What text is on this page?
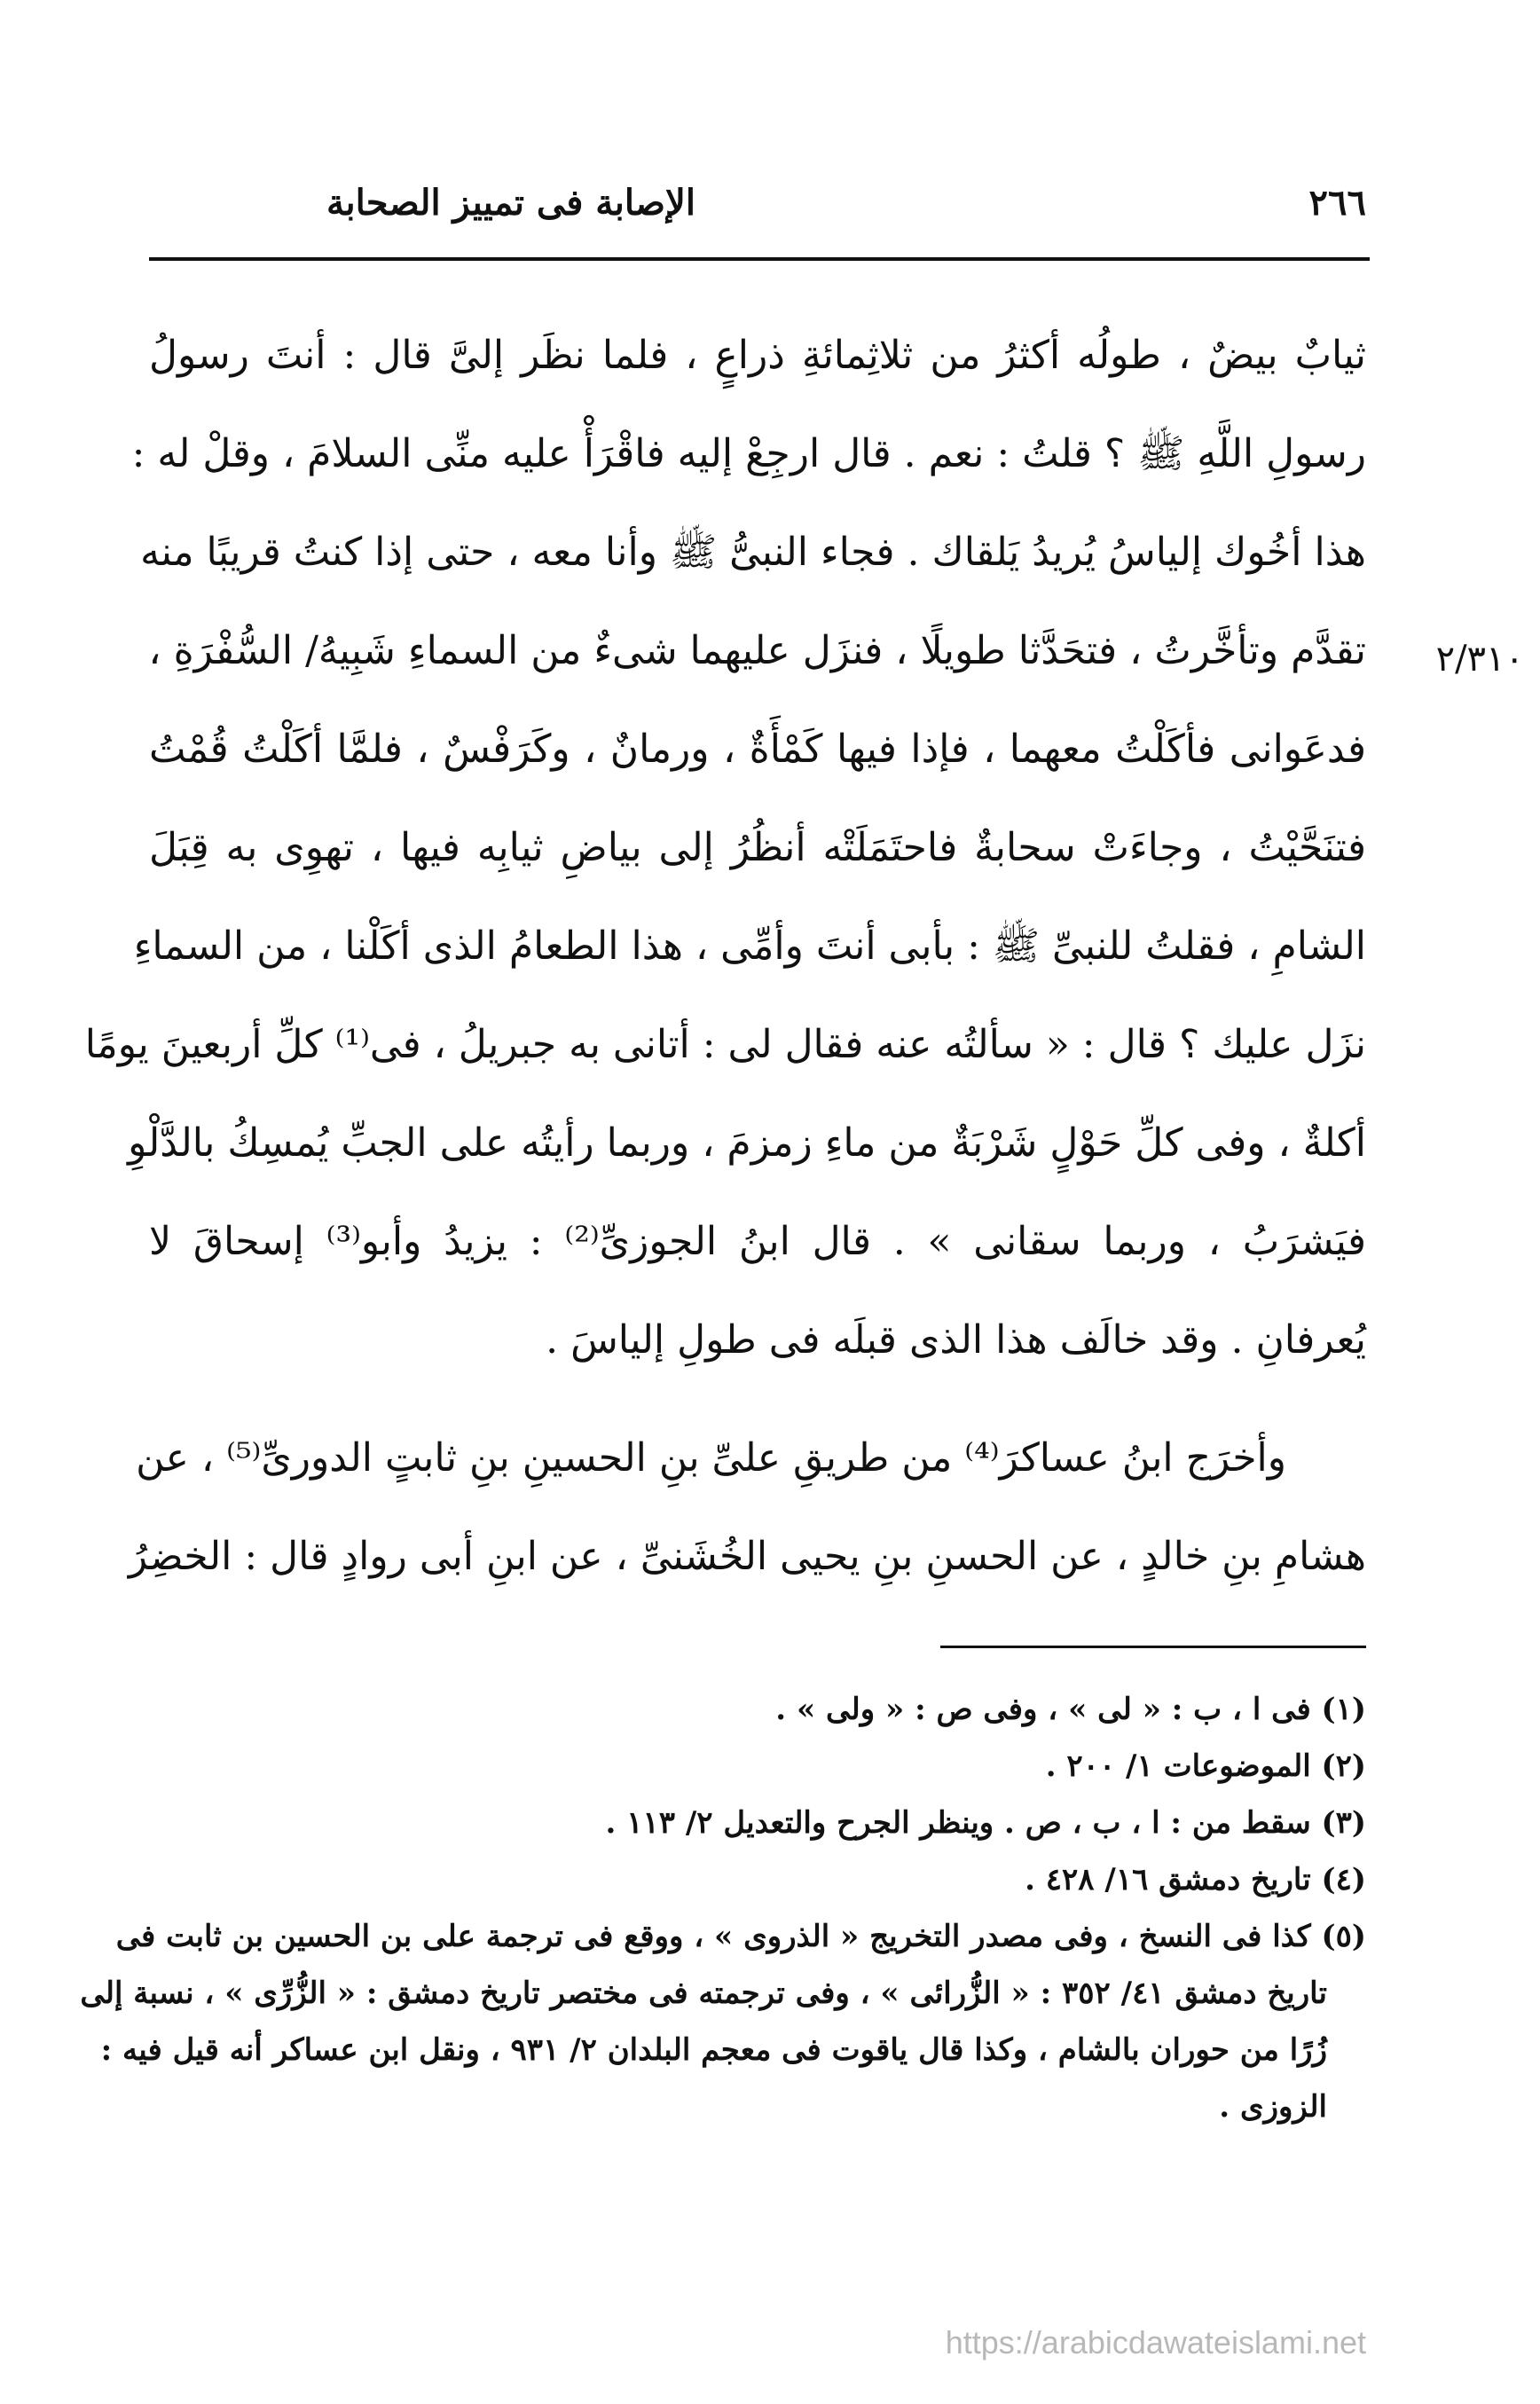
٢٦٦
الإصابة فى تمييز الصحابة
٢/٣١٠
ثيابٌ بيضٌ ، طولُه أكثرُ من ثلاثِمائةِ ذراعٍ ، فلما نظَر إلىَّ قال : أنتَ رسولُ
رسولِ اللَّهِ ﷺ ؟ قلتُ : نعم . قال ارجِعْ إليه فاقْرَأْ عليه منِّى السلامَ ، وقلْ له :
هذا أخُوك إلياسُ يُريدُ يَلقاك . فجاء النبىُّ ﷺ وأنا معه ، حتى إذا كنتُ قريبًا منه
تقدَّم وتأخَّرتُ ، فتحَدَّثا طويلًا ، فنزَل عليهما شىءٌ من السماءِ شَبِيهُ/ السُّفْرَةِ ،
فدعَوانى فأكَلْتُ معهما ، فإذا فيها كَمْأَةٌ ، ورمانٌ ، وكَرَفْسٌ ، فلمَّا أكَلْتُ قُمْتُ
فتنَحَّيْتُ ، وجاءَتْ سحابةٌ فاحتَمَلَتْه أنظُرُ إلى بياضِ ثيابِه فيها ، تهوِى به قِبَلَ
الشامِ ، فقلتُ للنبىِّ ﷺ : بأبى أنتَ وأمِّى ، هذا الطعامُ الذى أكَلْنا ، من السماءِ
نزَل عليك ؟ قال : « سألتُه عنه فقال لى : أتانى به جبريلُ ، فى⁽¹⁾ كلِّ أربعينَ يومًا
أكلةٌ ، وفى كلِّ حَوْلٍ شَرْبَةٌ من ماءِ زمزمَ ، وربما رأيتُه على الجبِّ يُمسِكُ بالدَّلْوِ
فيَشرَبُ ، وربما سقانى » . قال ابنُ الجوزىِّ⁽²⁾ : يزيدُ وأبو⁽³⁾ إسحاقَ لا
يُعرفانِ . وقد خالَف هذا الذى قبلَه فى طولِ إلياسَ .
وأخرَج ابنُ عساكرَ⁽⁴⁾ من طريقِ علىِّ بنِ الحسينِ بنِ ثابتٍ الدورىِّ⁽⁵⁾ ، عن
هشامِ بنِ خالدٍ ، عن الحسنِ بنِ يحيى الخُشَنىِّ ، عن ابنِ أبى روادٍ قال : الخضِرُ
(١) فى ا ، ب : « لى » ، وفى ص : « ولى » .
(٢) الموضوعات ١/ ٢٠٠ .
(٣) سقط من : ا ، ب ، ص . وينظر الجرح والتعديل ٢/ ١١٣ .
(٤) تاريخ دمشق ١٦/ ٤٢٨ .
(٥) كذا فى النسخ ، وفى مصدر التخريج « الذروى » ، ووقع فى ترجمة على بن الحسين بن ثابت فى
تاريخ دمشق ٤١/ ٣٥٢ : « الزُّرائى » ، وفى ترجمته فى مختصر تاريخ دمشق : « الزُّرِّى » ، نسبة إلى
زُرًا من حوران بالشام ، وكذا قال ياقوت فى معجم البلدان ٢/ ٩٣١ ، ونقل ابن عساكر أنه قيل فيه :
الزوزى .
https://arabicdawateislami.net
